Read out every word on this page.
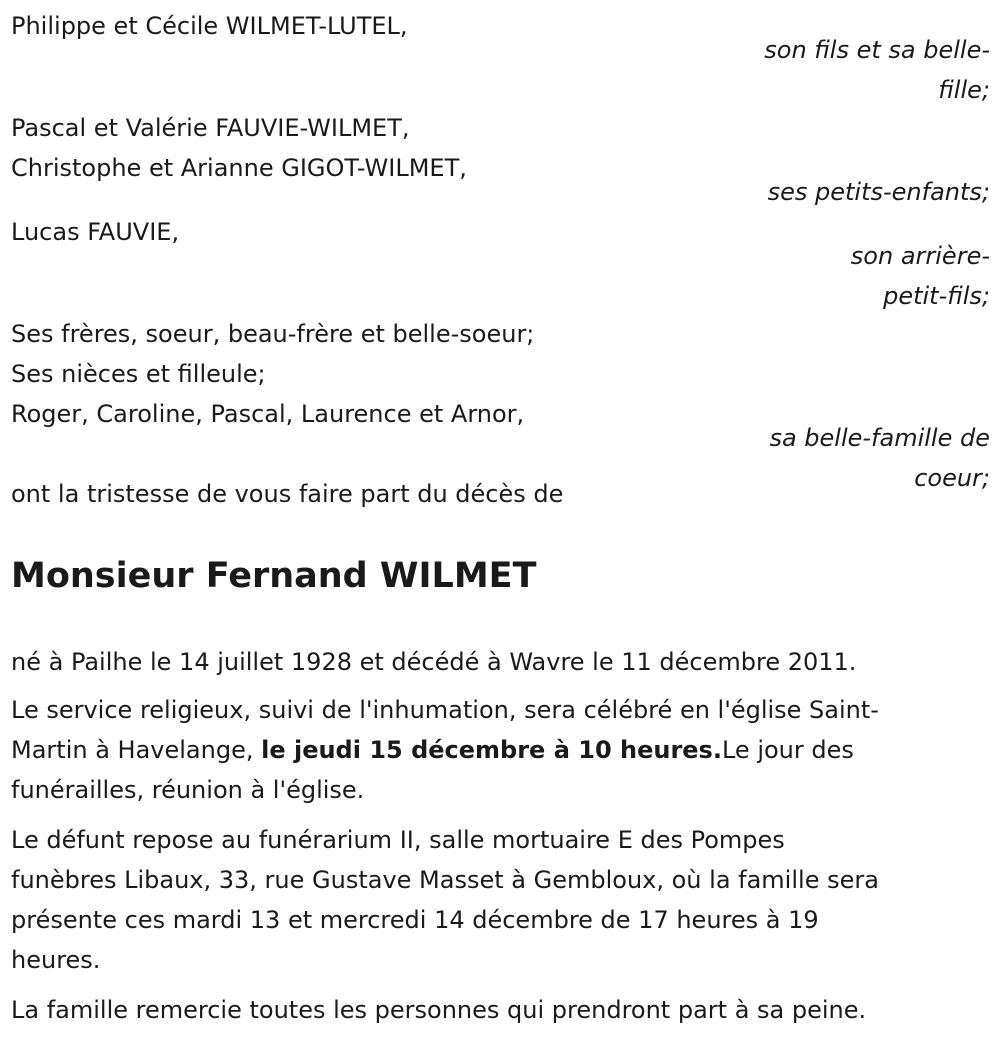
Philippe et Cécile WILMET-LUTEL,
son fils et sa belle-
fille;
Pascal et Valérie FAUVIE-WILMET,
Christophe et Arianne GIGOT-WILMET,
ses petits-enfants;
Lucas FAUVIE,
son arrière-
petit-fils;
Ses frères, soeur, beau-frère et belle-soeur;
Ses nièces et filleule;
Roger, Caroline, Pascal, Laurence et Arnor,
sa belle-famille de
coeur;
ont la tristesse de vous faire part du décès de
Monsieur Fernand WILMET
né à Pailhe le 14 juillet 1928 et décédé à Wavre le 11 décembre 2011.
Le service religieux, suivi de l'inhumation, sera célébré en l'église Saint-
Martin à Havelange, le jeudi 15 décembre à 10 heures.Le jour des
funérailles, réunion à l'église.
Le défunt repose au funérarium II, salle mortuaire E des Pompes
funèbres Libaux, 33, rue Gustave Masset à Gembloux, où la famille sera
présente ces mardi 13 et mercredi 14 décembre de 17 heures à 19
heures.
La famille remercie toutes les personnes qui prendront part à sa peine.
